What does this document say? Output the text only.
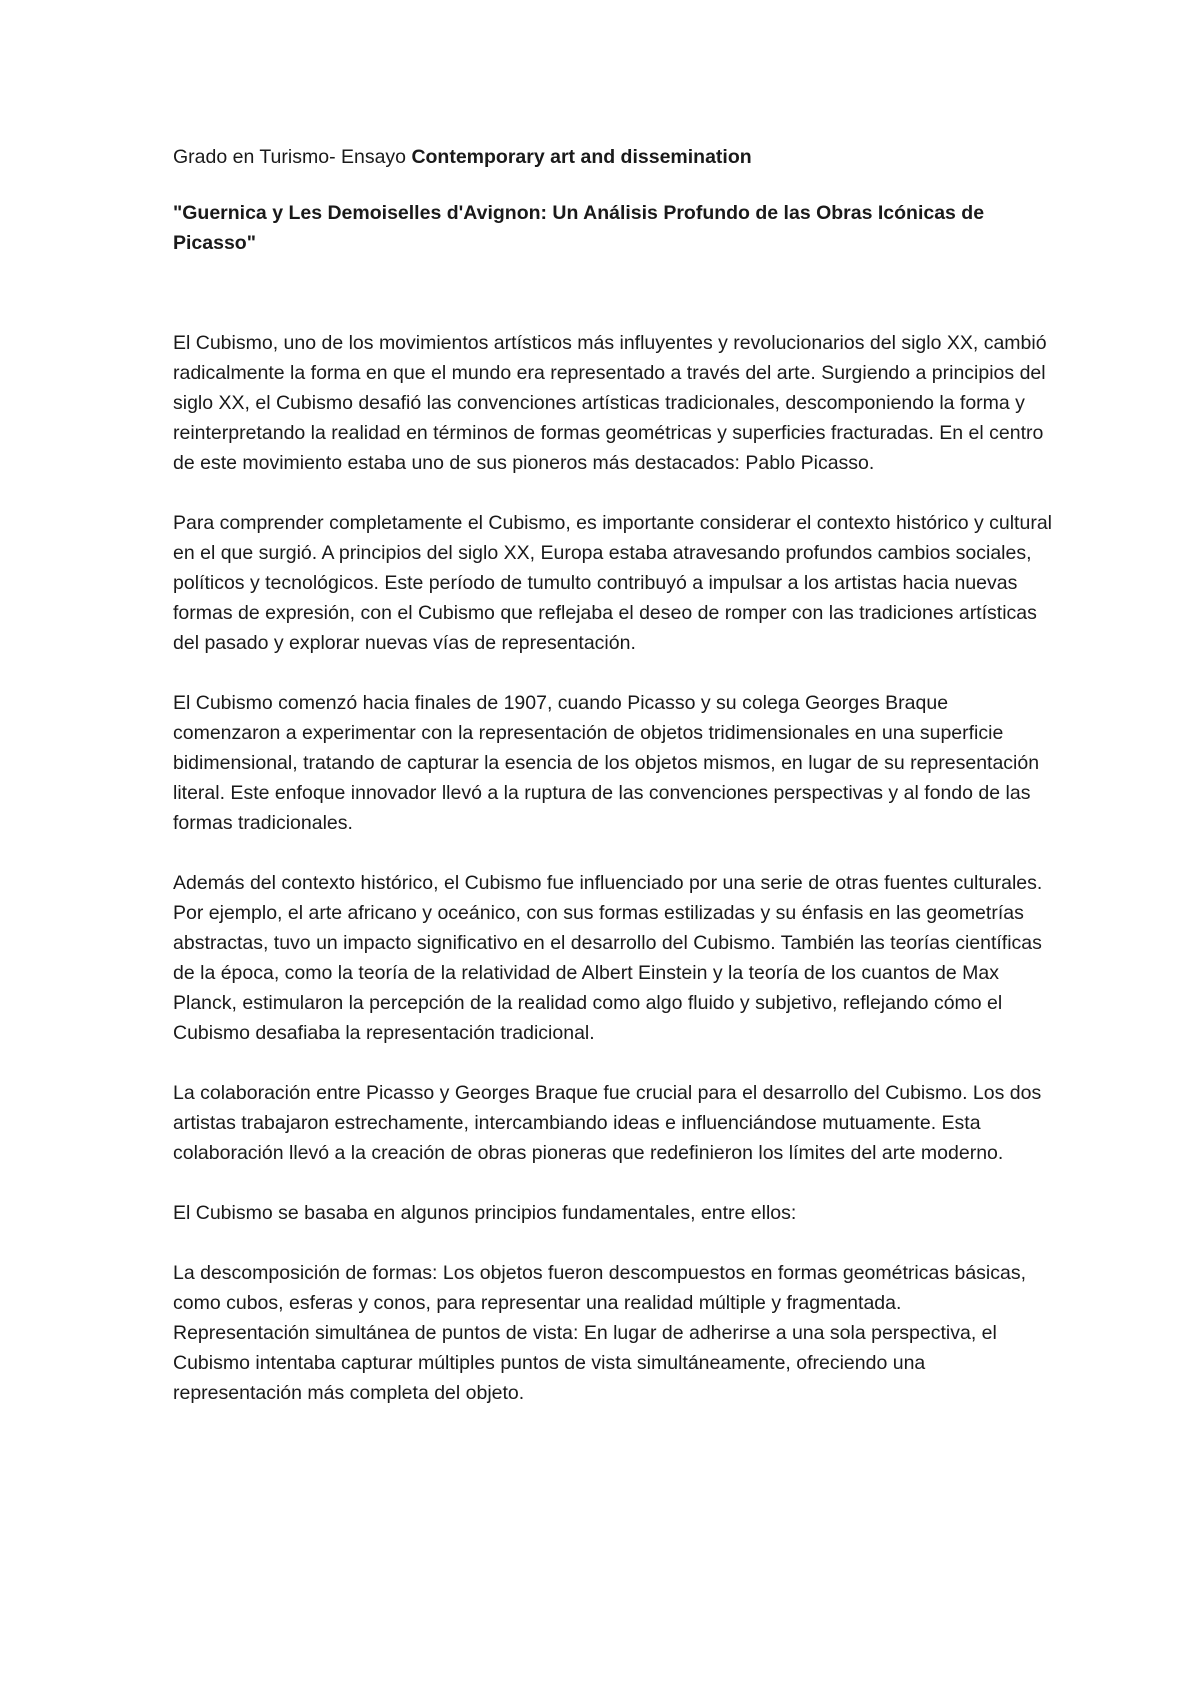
Grado en Turismo- Ensayo Contemporary art and dissemination

"Guernica y Les Demoiselles d'Avignon: Un Análisis Profundo de las Obras Icónicas de Picasso"

El Cubismo, uno de los movimientos artísticos más influyentes y revolucionarios del siglo XX, cambió radicalmente la forma en que el mundo era representado a través del arte. Surgiendo a principios del siglo XX, el Cubismo desafió las convenciones artísticas tradicionales, descomponiendo la forma y reinterpretando la realidad en términos de formas geométricas y superficies fracturadas. En el centro de este movimiento estaba uno de sus pioneros más destacados: Pablo Picasso.

Para comprender completamente el Cubismo, es importante considerar el contexto histórico y cultural en el que surgió. A principios del siglo XX, Europa estaba atravesando profundos cambios sociales, políticos y tecnológicos. Este período de tumulto contribuyó a impulsar a los artistas hacia nuevas formas de expresión, con el Cubismo que reflejaba el deseo de romper con las tradiciones artísticas del pasado y explorar nuevas vías de representación.

El Cubismo comenzó hacia finales de 1907, cuando Picasso y su colega Georges Braque comenzaron a experimentar con la representación de objetos tridimensionales en una superficie bidimensional, tratando de capturar la esencia de los objetos mismos, en lugar de su representación literal. Este enfoque innovador llevó a la ruptura de las convenciones perspectivas y al fondo de las formas tradicionales.

Además del contexto histórico, el Cubismo fue influenciado por una serie de otras fuentes culturales. Por ejemplo, el arte africano y oceánico, con sus formas estilizadas y su énfasis en las geometrías abstractas, tuvo un impacto significativo en el desarrollo del Cubismo. También las teorías científicas de la época, como la teoría de la relatividad de Albert Einstein y la teoría de los cuantos de Max Planck, estimularon la percepción de la realidad como algo fluido y subjetivo, reflejando cómo el Cubismo desafiaba la representación tradicional.

La colaboración entre Picasso y Georges Braque fue crucial para el desarrollo del Cubismo. Los dos artistas trabajaron estrechamente, intercambiando ideas e influenciándose mutuamente. Esta colaboración llevó a la creación de obras pioneras que redefinieron los límites del arte moderno.

El Cubismo se basaba en algunos principios fundamentales, entre ellos:

La descomposición de formas: Los objetos fueron descompuestos en formas geométricas básicas, como cubos, esferas y conos, para representar una realidad múltiple y fragmentada.

Representación simultánea de puntos de vista: En lugar de adherirse a una sola perspectiva, el Cubismo intentaba capturar múltiples puntos de vista simultáneamente, ofreciendo una representación más completa del objeto.
